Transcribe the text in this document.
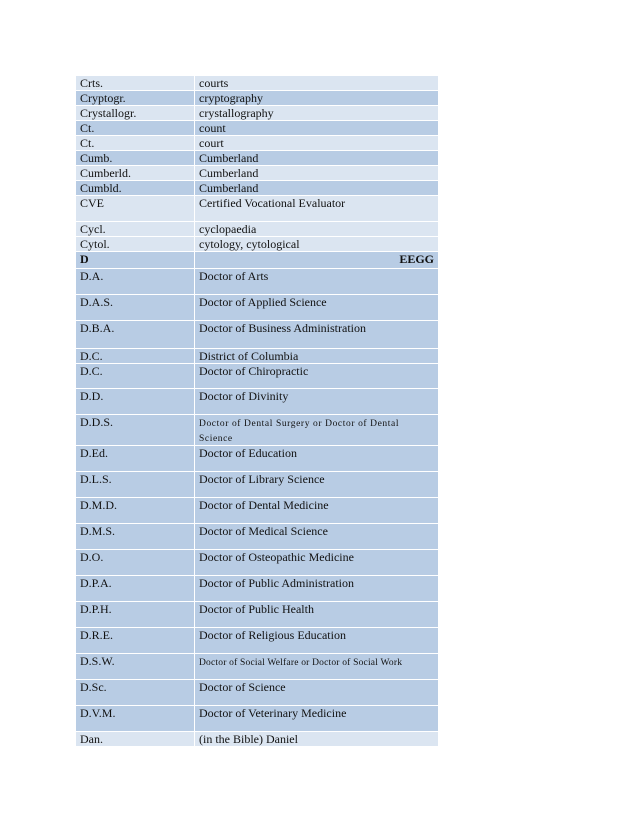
Crts.	courts
Cryptogr.	cryptography
Crystallogr.	crystallography
Ct.	count
Ct.	court
Cumb.	Cumberland
Cumberld.	Cumberland
Cumbld.	Cumberland
CVE	Certified Vocational Evaluator
Cycl.	cyclopaedia
Cytol.	cytology, cytological
D	EEGG

D.A.	Doctor of Arts
D.A.S.	Doctor of Applied Science
D.B.A.	Doctor of Business Administration
D.C.	District of Columbia
D.C.	Doctor of Chiropractic
D.D.	Doctor of Divinity
D.D.S.	Doctor of Dental Surgery or Doctor of Dental Science
D.Ed.	Doctor of Education
D.L.S.	Doctor of Library Science
D.M.D.	Doctor of Dental Medicine
D.M.S.	Doctor of Medical Science
D.O.	Doctor of Osteopathic Medicine
D.P.A.	Doctor of Public Administration
D.P.H.	Doctor of Public Health
D.R.E.	Doctor of Religious Education
D.S.W.	Doctor of Social Welfare or Doctor of Social Work
D.Sc.	Doctor of Science
D.V.M.	Doctor of Veterinary Medicine
Dan.	(in the Bible) Daniel
